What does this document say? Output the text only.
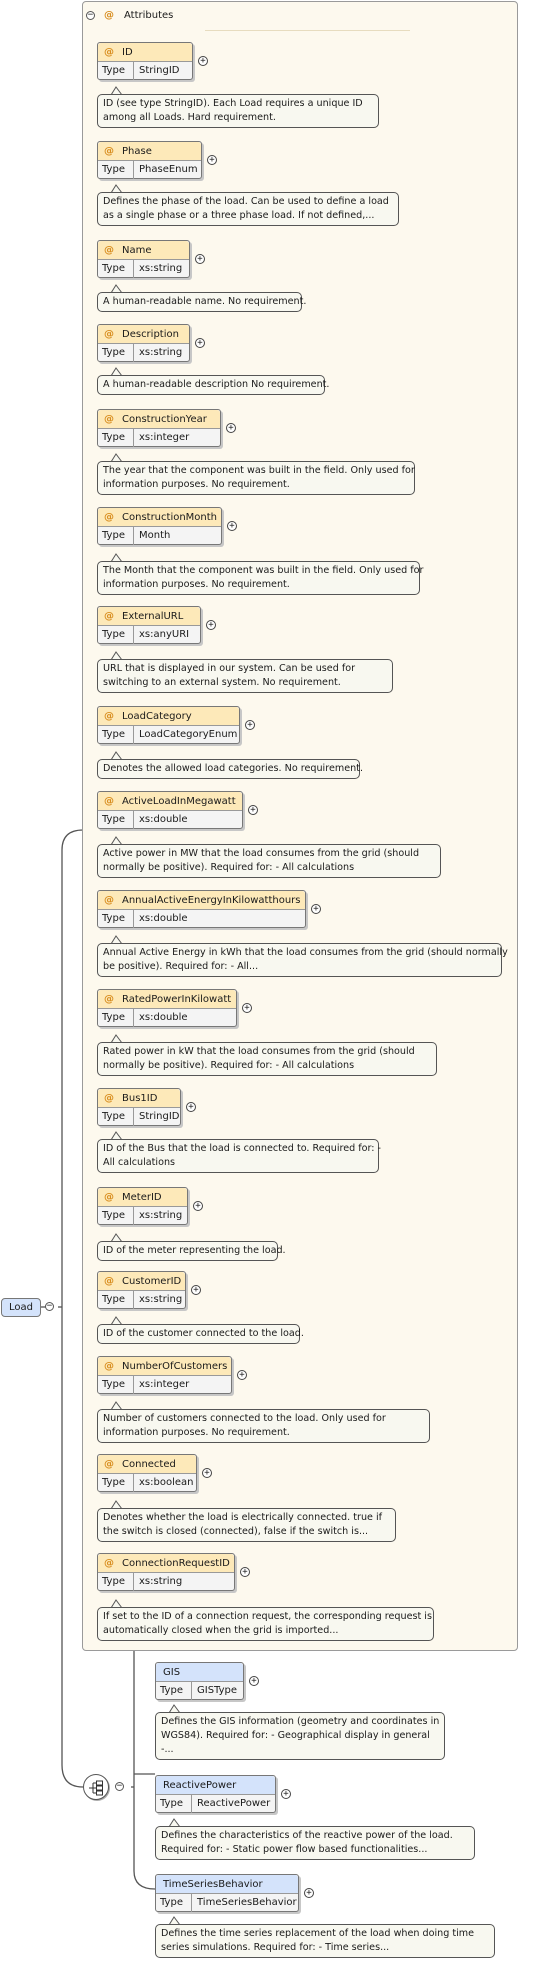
Load	−
− @ Attributes
@ ID
Type	StringID
+
ID (see type StringID). Each Load requires a unique ID
among all Loads. Hard requirement.
@ Phase
Type	PhaseEnum
+
Defines the phase of the load. Can be used to define a load
as a single phase or a three phase load. If not defined,...
@ Name
Type	xs:string
+
A human-readable name. No requirement.
@ Description
Type	xs:string
+
A human-readable description No requirement.
@ ConstructionYear
Type	xs:integer
+
The year that the component was built in the field. Only used for
information purposes. No requirement.
@ ConstructionMonth
Type	Month
+
The Month that the component was built in the field. Only used for
information purposes. No requirement.
@ ExternalURL
Type	xs:anyURI
+
URL that is displayed in our system. Can be used for
switching to an external system. No requirement.
@ LoadCategory
Type	LoadCategoryEnum
+
Denotes the allowed load categories. No requirement.
@ ActiveLoadInMegawatt
Type	xs:double
+
Active power in MW that the load consumes from the grid (should
normally be positive). Required for: - All calculations
@ AnnualActiveEnergyInKilowatthours
Type	xs:double
+
Annual Active Energy in kWh that the load consumes from the grid (should normally
be positive). Required for: - All...
@ RatedPowerInKilowatt
Type	xs:double
+
Rated power in kW that the load consumes from the grid (should
normally be positive). Required for: - All calculations
@ Bus1ID
Type	StringID
+
ID of the Bus that the load is connected to. Required for: -
All calculations
@ MeterID
Type	xs:string
+
ID of the meter representing the load.
@ CustomerID
Type	xs:string
+
ID of the customer connected to the load.
@ NumberOfCustomers
Type	xs:integer
+
Number of customers connected to the load. Only used for
information purposes. No requirement.
@ Connected
Type	xs:boolean
+
Denotes whether the load is electrically connected. true if
the switch is closed (connected), false if the switch is...
@ ConnectionRequestID
Type	xs:string
+
If set to the ID of a connection request, the corresponding request is
automatically closed when the grid is imported...
−
GIS
Type	GISType
+
Defines the GIS information (geometry and coordinates in
WGS84). Required for: - Geographical display in general
-...
ReactivePower
Type	ReactivePower
+
Defines the characteristics of the reactive power of the load.
Required for: - Static power flow based functionalities...
TimeSeriesBehavior
Type	TimeSeriesBehavior
+
Defines the time series replacement of the load when doing time
series simulations. Required for: - Time series...
